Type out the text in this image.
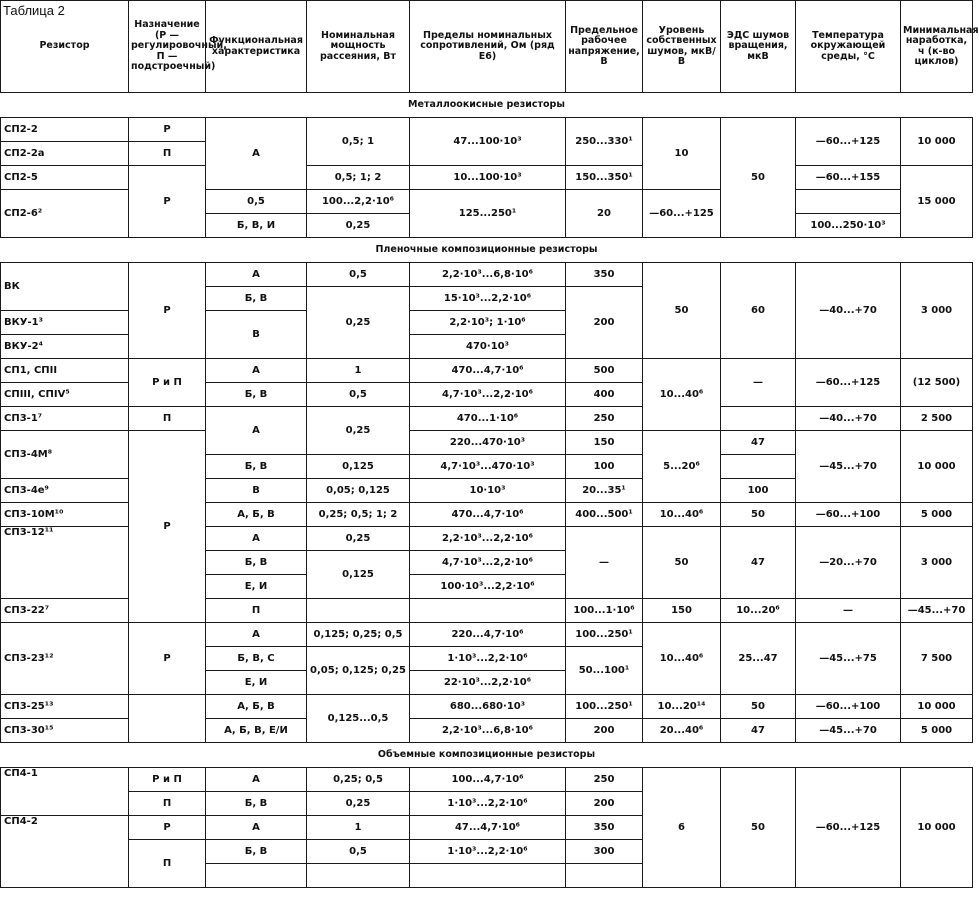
Резистор	Назначение (Р — регулировочный, П — подстроечный)	Функциональная характеристика	Номинальная мощность рассеяния, Вт	Пределы номинальных сопротивлений, Ом (ряд Е6)	Предельное рабочее напряжение, В	Уровень собственных шумов, мкВ/В	ЭДС шумов вращения, мкВ	Температура окружающей среды, °С	Минимальная наработка, ч (к-во циклов)	
Металлоокисные резисторы										
СП2-2	Р	А	0,5; 1	47...100·10³	250...330¹	10	50	—60...+125	10 000	
СП2-2а	П									
СП2-5	Р		0,5; 1; 2	10...100·10³	150...350¹			—60...+155	15 000	
СП2-6²		0,5	100...2,2·10⁶	125...250¹	20	—60...+125				
		Б, В, И	0,25					100...250·10³		
Пленочные композиционные резисторы										
ВК	Р	А	0,5	2,2·10³...6,8·10⁶	350	50	60	—40...+70	3 000	
		Б, В	0,25	15·10³...2,2·10⁶	200					
ВКУ-1³		В		2,2·10³; 1·10⁶						
ВКУ-2⁴				470·10³						
СП1, СПII	Р и П	А	1	470...4,7·10⁶	500	10...40⁶	—	—60...+125	(12 500)	
СПIII, СПIV⁵		Б, В	0,5	4,7·10³...2,2·10⁶	400					
СП3-1⁷	П	А	0,25	470...1·10⁶	250			—40...+70	2 500	
СП3-4М⁸	Р			220...470·10³	150	5...20⁶	47	—45...+70	10 000	
		Б, В	0,125	4,7·10³...470·10³	100					
СП3-4е⁹		В	0,05; 0,125	10·10³	20...35¹		100			
СП3-10М¹⁰		А, Б, В	0,25; 0,5; 1; 2	470...4,7·10⁶	400...500¹	10...40⁶	50	—60...+100	5 000	
СП3-12¹¹		А	0,25	2,2·10³...2,2·10⁶	—	50	47	—20...+70	3 000	
		Б, В	0,125	4,7·10³...2,2·10⁶						
		Е, И		100·10³...2,2·10⁶						
СП3-22⁷		П			100...1·10⁶	150	10...20⁶	—	—45...+70	
СП3-23¹²	Р	А	0,125; 0,25; 0,5	220...4,7·10⁶	100...250¹	10...40⁶	25...47	—45...+75	7 500	
		Б, В, С	0,05; 0,125; 0,25	1·10³...2,2·10⁶	50...100¹					
		Е, И		22·10³...2,2·10⁶						
СП3-25¹³		А, Б, В	0,125...0,5	680...680·10³	100...250¹	10...20¹⁴	50	—60...+100	10 000	
СП3-30¹⁵		А, Б, В, Е/И		2,2·10³...6,8·10⁶	200	20...40⁶	47	—45...+70	5 000	
Объемные композиционные резисторы										
СП4-1	Р и П	А	0,25; 0,5	100...4,7·10⁶	250	6	50	—60...+125	10 000	
	П	Б, В	0,25	1·10³...2,2·10⁶	200					
СП4-2	Р	А	1	47...4,7·10⁶	350					
	П	Б, В	0,5	1·10³...2,2·10⁶	300					

Таблица 2
